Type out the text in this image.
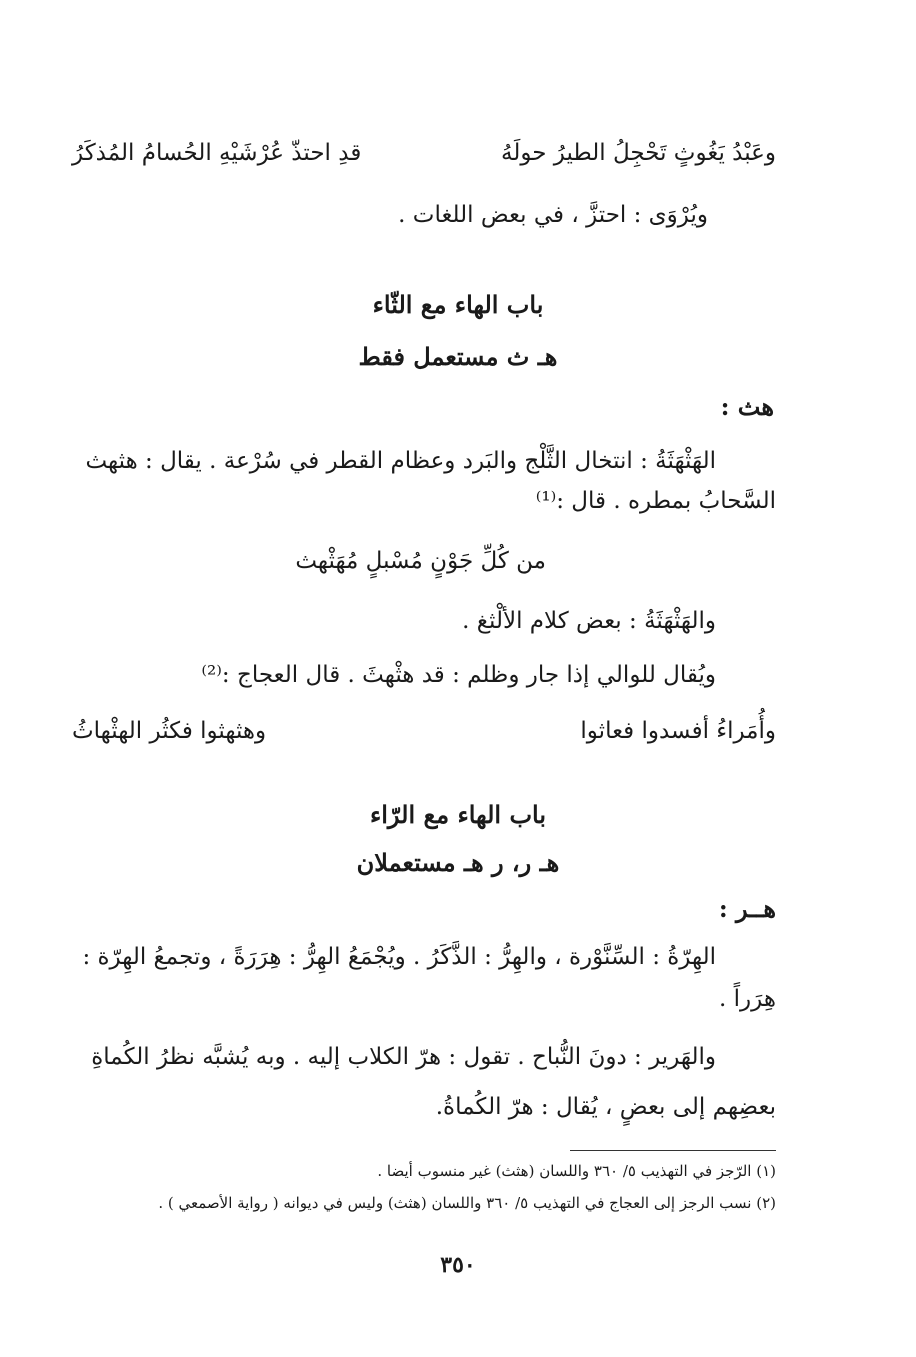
وعَبْدُ يَغُوثٍ تَحْجِلُ الطيرُ حولَهُ
قدِ احتذّ عُرْشَيْهِ الحُسامُ المُذكَرُ
ويُرْوَى : احتزَّ ، في بعض اللغات .
باب الهاء مع الثّاء
هـ ث مستعمل فقط
هث :
الهَثْهَثَةُ : انتخال الثَّلْج والبَرد وعظام القطر في سُرْعة . يقال : هثهث
السَّحابُ بمطره . قال :⁽¹⁾
من كُلِّ جَوْنٍ مُسْبلٍ مُهَثْهث
والهَثْهَثَةُ : بعض كلام الألْثغ .
ويُقال للوالي إذا جار وظلم : قد هثْهثَ . قال العجاج :⁽²⁾
وأُمَراءُ أفسدوا فعاثوا
وهثهثوا فكثُر الهثْهاثُ
باب الهاء مع الرّاء
هـ ر، ر هـ مستعملان
هــر :
الهِرّةُ : السِّنَّوْرة ، والهِرُّ : الذَّكَرُ . ويُجْمَعُ الهِرُّ : هِرَرَةً ، وتجمعُ الهِرّة :
هِرَراً .
والهَرير : دونَ النُّباح . تقول : هرّ الكلاب إليه . وبه يُشبَّه نظرُ الكُماةِ
بعضِهم إلى بعضٍ ، يُقال : هرّ الكُماةُ.
(١) الرّجز في التهذيب ٥/ ٣٦٠ واللسان (هثث) غير منسوب أيضا .
(٢) نسب الرجز إلى العجاج في التهذيب ٥/ ٣٦٠ واللسان (هثث) وليس في ديوانه ( رواية الأصمعي ) .
٣٥٠
